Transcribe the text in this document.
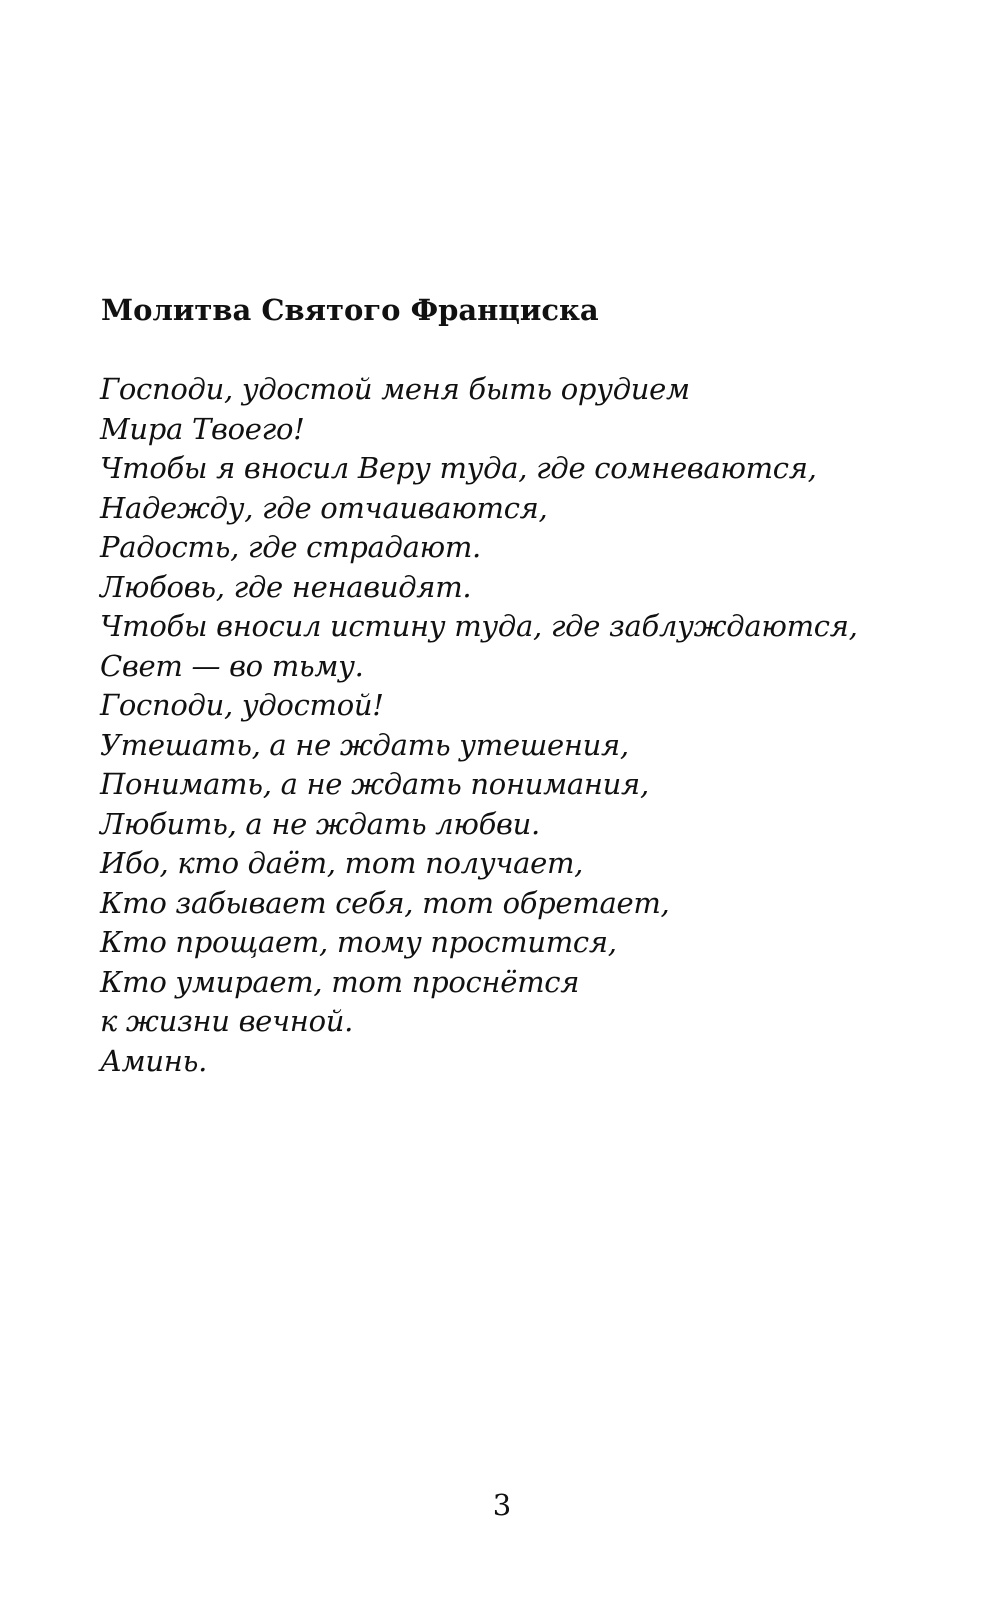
Молитва Святого Франциска
Господи, удостой меня быть орудием
Мира Твоего!
Чтобы я вносил Веру туда, где сомневаются,
Надежду, где отчаиваются,
Радость, где страдают.
Любовь, где ненавидят.
Чтобы вносил истину туда, где заблуждаются,
Свет — во тьму.
Господи, удостой!
Утешать, а не ждать утешения,
Понимать, а не ждать понимания,
Любить, а не ждать любви.
Ибо, кто даёт, тот получает,
Кто забывает себя, тот обретает,
Кто прощает, тому простится,
Кто умирает, тот проснётся
к жизни вечной.
Аминь.
3
